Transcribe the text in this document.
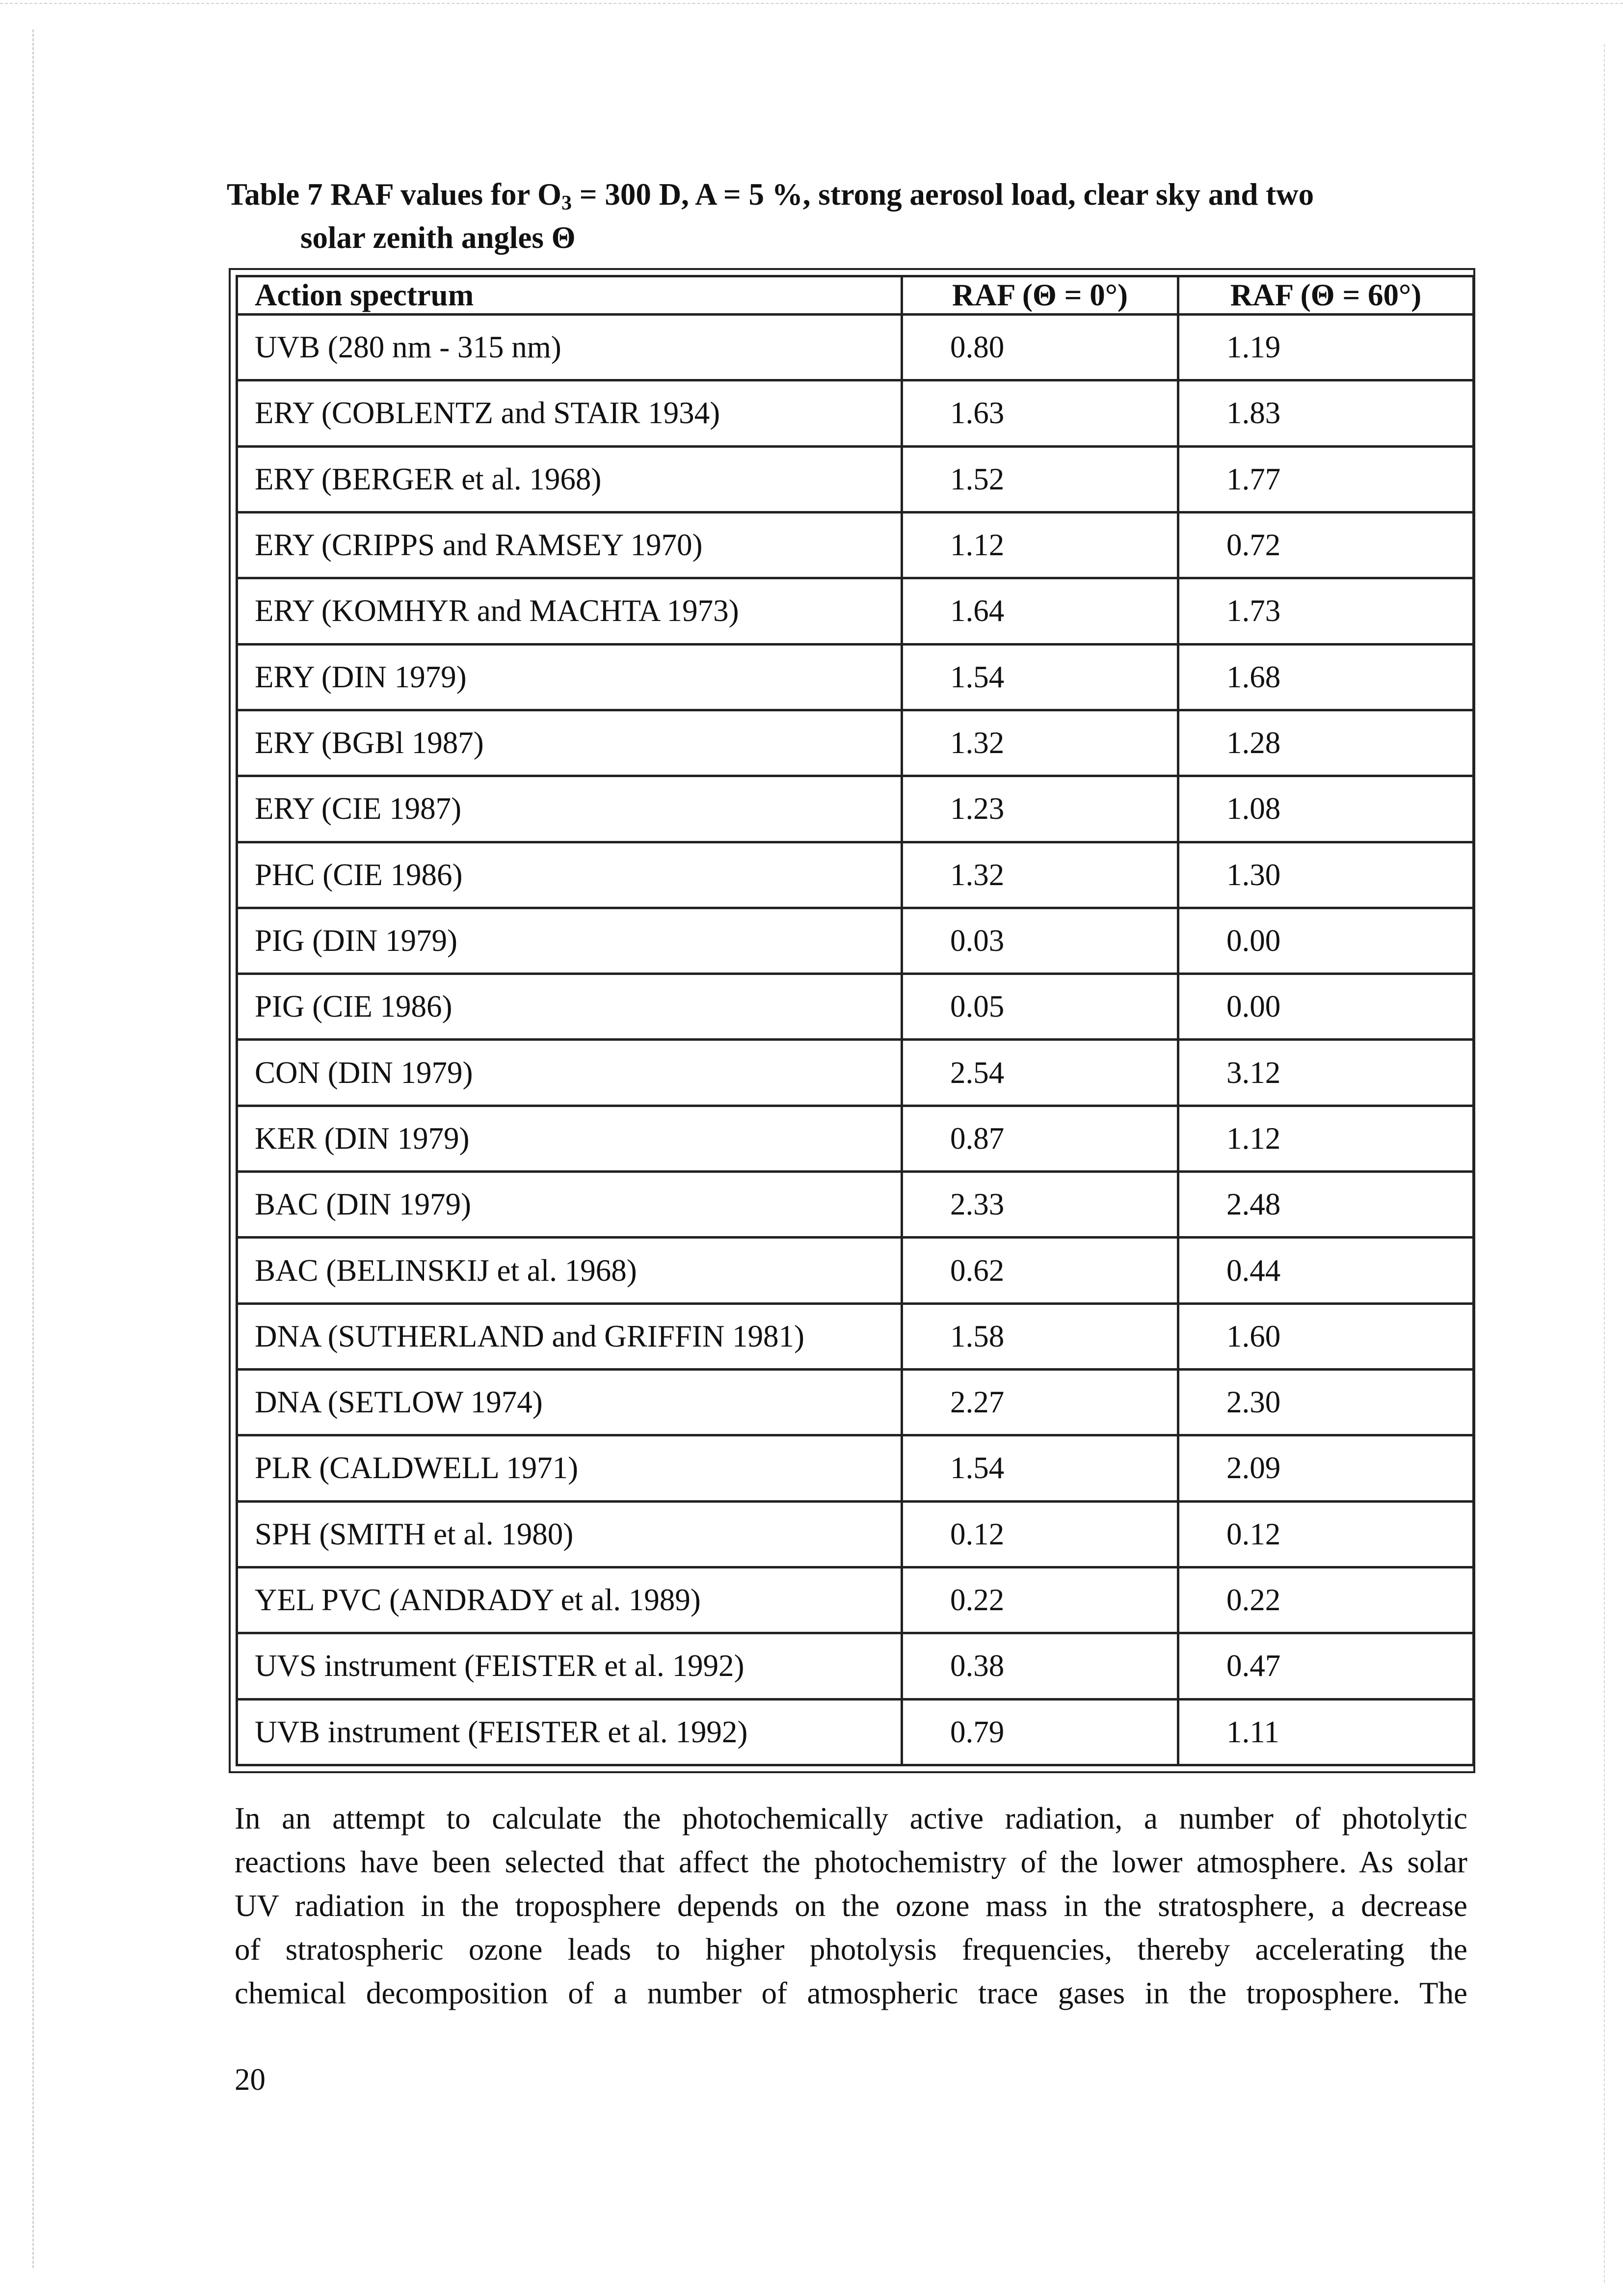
Table 7 RAF values for $O_3 = 300$ D, A = 5 %, strong aerosol load, clear sky and two
solar zenith angles Θ
Action spectrum	RAF (Θ = 0°)	RAF (Θ = 60°)
UVB (280 nm - 315 nm)	0.80	1.19
ERY (COBLENTZ and STAIR 1934)	1.63	1.83
ERY (BERGER et al. 1968)	1.52	1.77
ERY (CRIPPS and RAMSEY 1970)	1.12	0.72
ERY (KOMHYR and MACHTA 1973)	1.64	1.73
ERY (DIN 1979)	1.54	1.68
ERY (BGBl 1987)	1.32	1.28
ERY (CIE 1987)	1.23	1.08
PHC (CIE 1986)	1.32	1.30
PIG (DIN 1979)	0.03	0.00
PIG (CIE 1986)	0.05	0.00
CON (DIN 1979)	2.54	3.12
KER (DIN 1979)	0.87	1.12
BAC (DIN 1979)	2.33	2.48
BAC (BELINSKIJ et al. 1968)	0.62	0.44
DNA (SUTHERLAND and GRIFFIN 1981)	1.58	1.60
DNA (SETLOW 1974)	2.27	2.30
PLR (CALDWELL 1971)	1.54	2.09
SPH (SMITH et al. 1980)	0.12	0.12
YEL PVC (ANDRADY et al. 1989)	0.22	0.22
UVS instrument (FEISTER et al. 1992)	0.38	0.47
UVB instrument (FEISTER et al. 1992)	0.79	1.11
In an attempt to calculate the photochemically active radiation, a number of photolytic
reactions have been selected that affect the photochemistry of the lower atmosphere. As solar
UV radiation in the troposphere depends on the ozone mass in the stratosphere, a decrease
of stratospheric ozone leads to higher photolysis frequencies, thereby accelerating the
chemical decomposition of a number of atmospheric trace gases in the troposphere. The
20
